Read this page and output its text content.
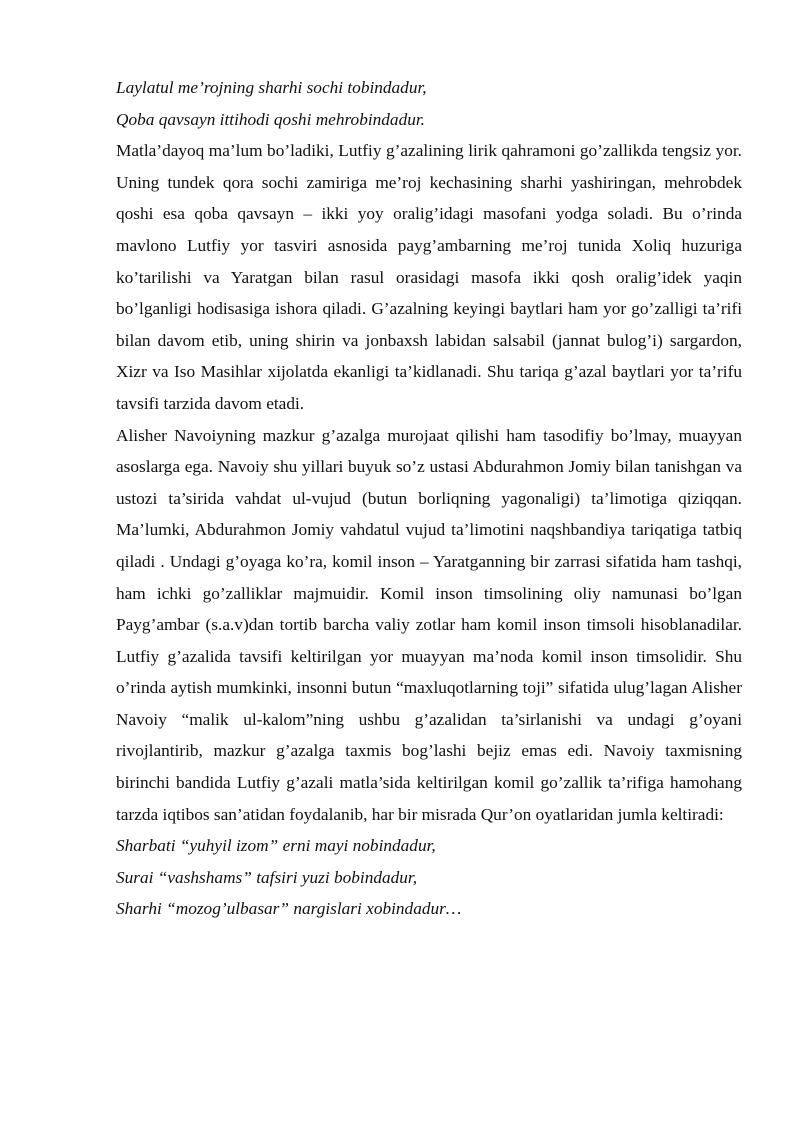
Laylatul me’rojning sharhi sochi tobindadur,

Qoba qavsayn ittihodi qoshi mehrobindadur.

Matla’dayoq ma’lum bo’ladiki, Lutfiy g’azalining lirik qahramoni go’zallikda tengsiz yor. Uning tundek qora sochi zamiriga me’roj kechasining sharhi yashiringan, mehrobdek qoshi esa qoba qavsayn – ikki yoy oralig’idagi masofani yodga soladi. Bu o’rinda mavlono Lutfiy yor tasviri asnosida payg’ambarning me’roj tunida Xoliq huzuriga ko’tarilishi va Yaratgan bilan rasul orasidagi masofa ikki qosh oralig’idek yaqin bo’lganligi hodisasiga ishora qiladi. G’azalning keyingi baytlari ham yor go’zalligi ta’rifi bilan davom etib, uning shirin va jonbaxsh labidan salsabil (jannat bulog’i) sargardon, Xizr va Iso Masihlar xijolatda ekanligi ta’kidlanadi. Shu tariqa g’azal baytlari yor ta’rifu tavsifi tarzida davom etadi.

Alisher Navoiyning mazkur g’azalga murojaat qilishi ham tasodifiy bo’lmay, muayyan asoslarga ega. Navoiy shu yillari buyuk so’z ustasi Abdurahmon Jomiy bilan tanishgan va ustozi ta’sirida vahdat ul-vujud (butun borliqning yagonaligi) ta’limotiga qiziqqan. Ma’lumki, Abdurahmon Jomiy vahdatul vujud ta’limotini naqshbandiya tariqatiga tatbiq qiladi . Undagi g’oyaga ko’ra, komil inson – Yaratganning bir zarrasi sifatida ham tashqi, ham ichki go’zalliklar majmuidir. Komil inson timsolining oliy namunasi bo’lgan Payg’ambar (s.a.v)dan tortib barcha valiy zotlar ham komil inson timsoli hisoblanadilar. Lutfiy g’azalida tavsifi keltirilgan yor muayyan ma’noda komil inson timsolidir. Shu o’rinda aytish mumkinki, insonni butun “maxluqotlarning toji” sifatida ulug’lagan Alisher Navoiy “malik ul-kalom”ning ushbu g’azalidan ta’sirlanishi va undagi g’oyani rivojlantirib, mazkur g’azalga taxmis bog’lashi bejiz emas edi. Navoiy taxmisning birinchi bandida Lutfiy g’azali matla’sida keltirilgan komil go’zallik ta’rifiga hamohang tarzda iqtibos san’atidan foydalanib, har bir misrada Qur’on oyatlaridan jumla keltiradi:

Sharbati “yuhyil izom” erni mayi nobindadur,

Surai “vashshams” tafsiri yuzi bobindadur,

Sharhi “mozog’ulbasar” nargislari xobindadur…
